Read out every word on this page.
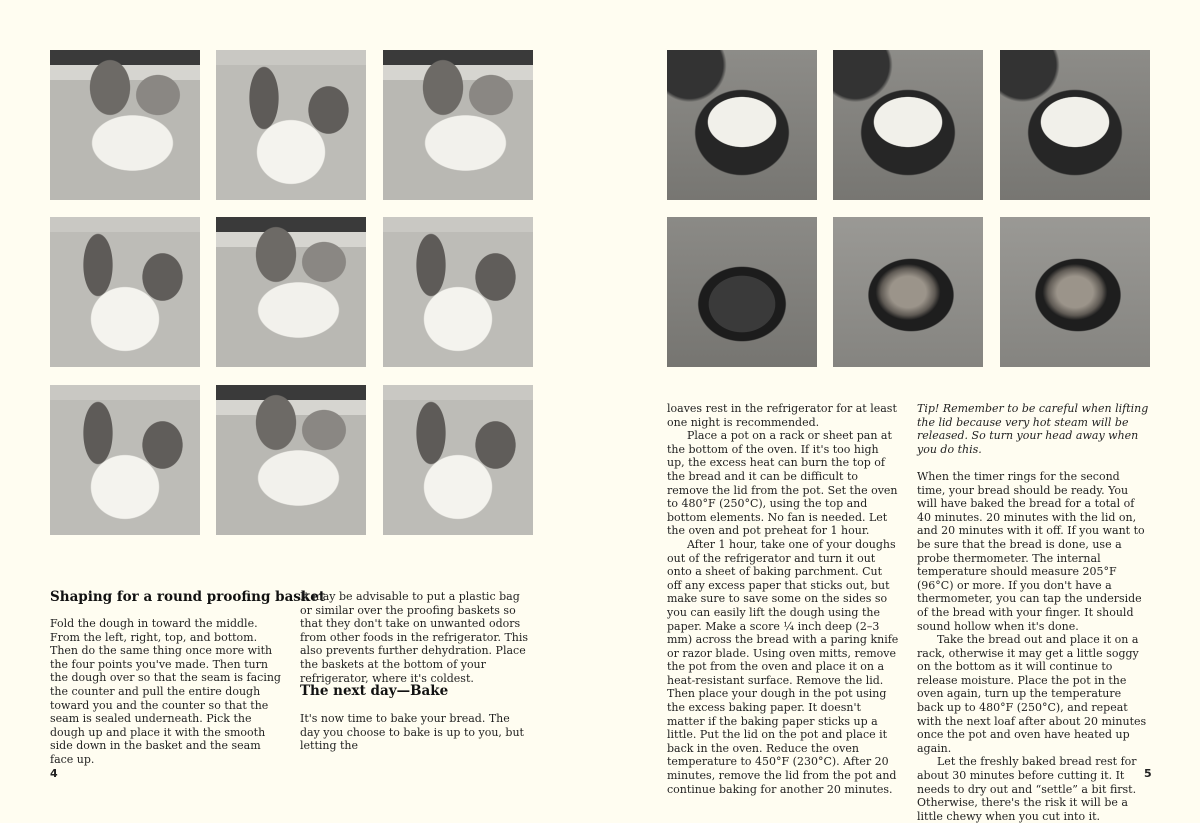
Shaping for a round proofing basket

Fold the dough in toward the middle. From the left, right, top, and bottom. Then do the same thing once more with the four points you've made. Then turn the dough over so that the seam is facing the counter and pull the entire dough toward you and the counter so that the seam is sealed underneath. Pick the dough up and place it with the smooth side down in the basket and the seam face up.

It may be advisable to put a plastic bag or similar over the proofing baskets so that they don't take on unwanted odors from other foods in the refrigerator. This also prevents further dehydration. Place the baskets at the bottom of your refrigerator, where it's coldest.

The next day—Bake

It's now time to bake your bread. The day you choose to bake is up to you, but letting the

4

loaves rest in the refrigerator for at least one night is recommended.

Place a pot on a rack or sheet pan at the bottom of the oven. If it's too high up, the excess heat can burn the top of the bread and it can be difficult to remove the lid from the pot. Set the oven to 480°F (250°C), using the top and bottom elements. No fan is needed. Let the oven and pot preheat for 1 hour.

After 1 hour, take one of your doughs out of the refrigerator and turn it out onto a sheet of baking parchment. Cut off any excess paper that sticks out, but make sure to save some on the sides so you can easily lift the dough using the paper. Make a score ¼ inch deep (2–3 mm) across the bread with a paring knife or razor blade. Using oven mitts, remove the pot from the oven and place it on a heat-resistant surface. Remove the lid. Then place your dough in the pot using the excess baking paper. It doesn't matter if the baking paper sticks up a little. Put the lid on the pot and place it back in the oven. Reduce the oven temperature to 450°F (230°C). After 20 minutes, remove the lid from the pot and continue baking for another 20 minutes.

Tip! Remember to be careful when lifting the lid because very hot steam will be released. So turn your head away when you do this.

When the timer rings for the second time, your bread should be ready. You will have baked the bread for a total of 40 minutes. 20 minutes with the lid on, and 20 minutes with it off. If you want to be sure that the bread is done, use a probe thermometer. The internal temperature should measure 205°F (96°C) or more. If you don't have a thermometer, you can tap the underside of the bread with your finger. It should sound hollow when it's done.

Take the bread out and place it on a rack, otherwise it may get a little soggy on the bottom as it will continue to release moisture. Place the pot in the oven again, turn up the temperature back up to 480°F (250°C), and repeat with the next loaf after about 20 minutes once the pot and oven have heated up again.

Let the freshly baked bread rest for about 30 minutes before cutting it. It needs to dry out and “settle” a bit first. Otherwise, there's the risk it will be a little chewy when you cut into it.

5
